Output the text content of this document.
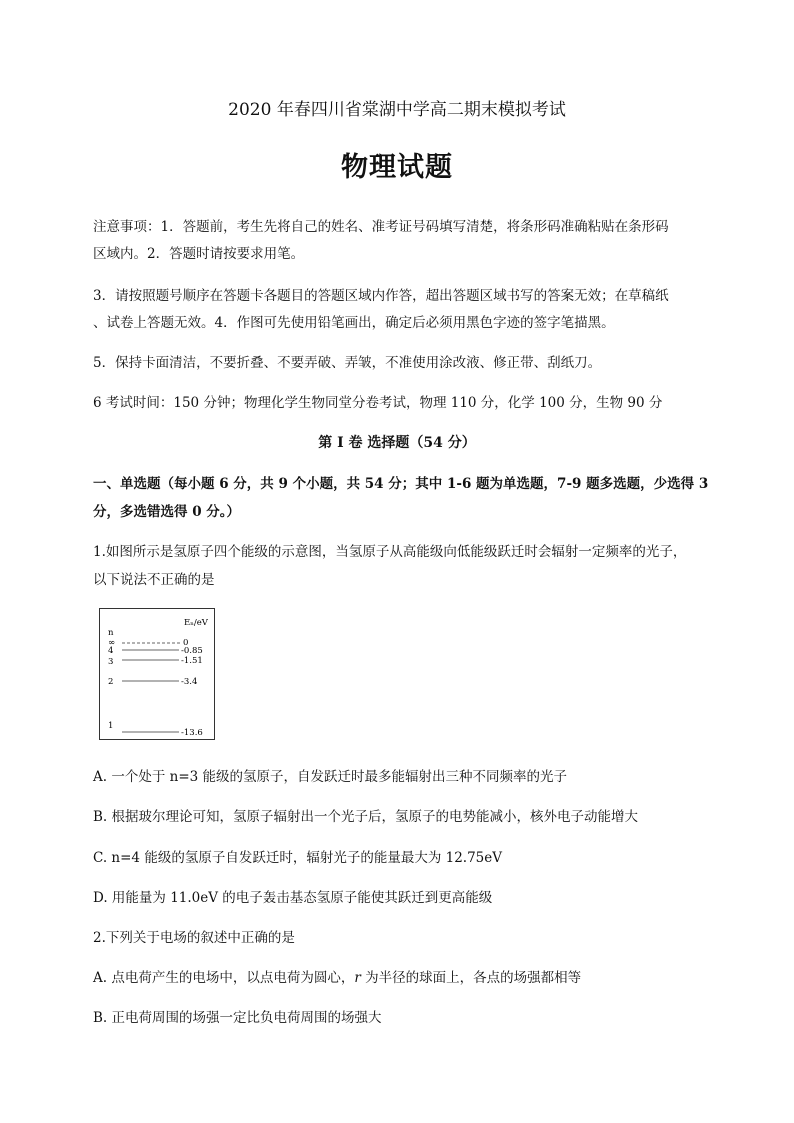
2020 年春四川省棠湖中学高二期末模拟考试
物理试题
注意事项：1．答题前，考生先将自己的姓名、准考证号码填写清楚，将条形码准确粘贴在条形码
区域内。2．答题时请按要求用笔。
3．请按照题号顺序在答题卡各题目的答题区域内作答，超出答题区域书写的答案无效；在草稿纸
、试卷上答题无效。4．作图可先使用铅笔画出，确定后必须用黑色字迹的签字笔描黑。
5．保持卡面清洁，不要折叠、不要弄破、弄皱，不准使用涂改液、修正带、刮纸刀。
6 考试时间：150 分钟；物理化学生物同堂分卷考试，物理 110 分，化学 100 分，生物 90 分
第 I 卷 选择题（54 分）
一、单选题（每小题 6 分，共 9 个小题，共 54 分；其中 1-6 题为单选题，7-9 题多选题，少选得 3
分，多选错选得 0 分。）
1.如图所示是氢原子四个能级的示意图，当氢原子从高能级向低能级跃迁时会辐射一定频率的光子，
以下说法不正确的是
Eₙ/eV
n
∞	0
4	-0.85
3	-1.51
2	-3.4
1
-13.6
A. 一个处于 n=3 能级的氢原子，自发跃迁时最多能辐射出三种不同频率的光子
B. 根据玻尔理论可知，氢原子辐射出一个光子后，氢原子的电势能减小，核外电子动能增大
C. n=4 能级的氢原子自发跃迁时，辐射光子的能量最大为 12.75eV
D. 用能量为 11.0eV 的电子轰击基态氢原子能使其跃迁到更高能级
2.下列关于电场的叙述中正确的是
A. 点电荷产生的电场中，以点电荷为圆心，r 为半径的球面上，各点的场强都相等
B. 正电荷周围的场强一定比负电荷周围的场强大
